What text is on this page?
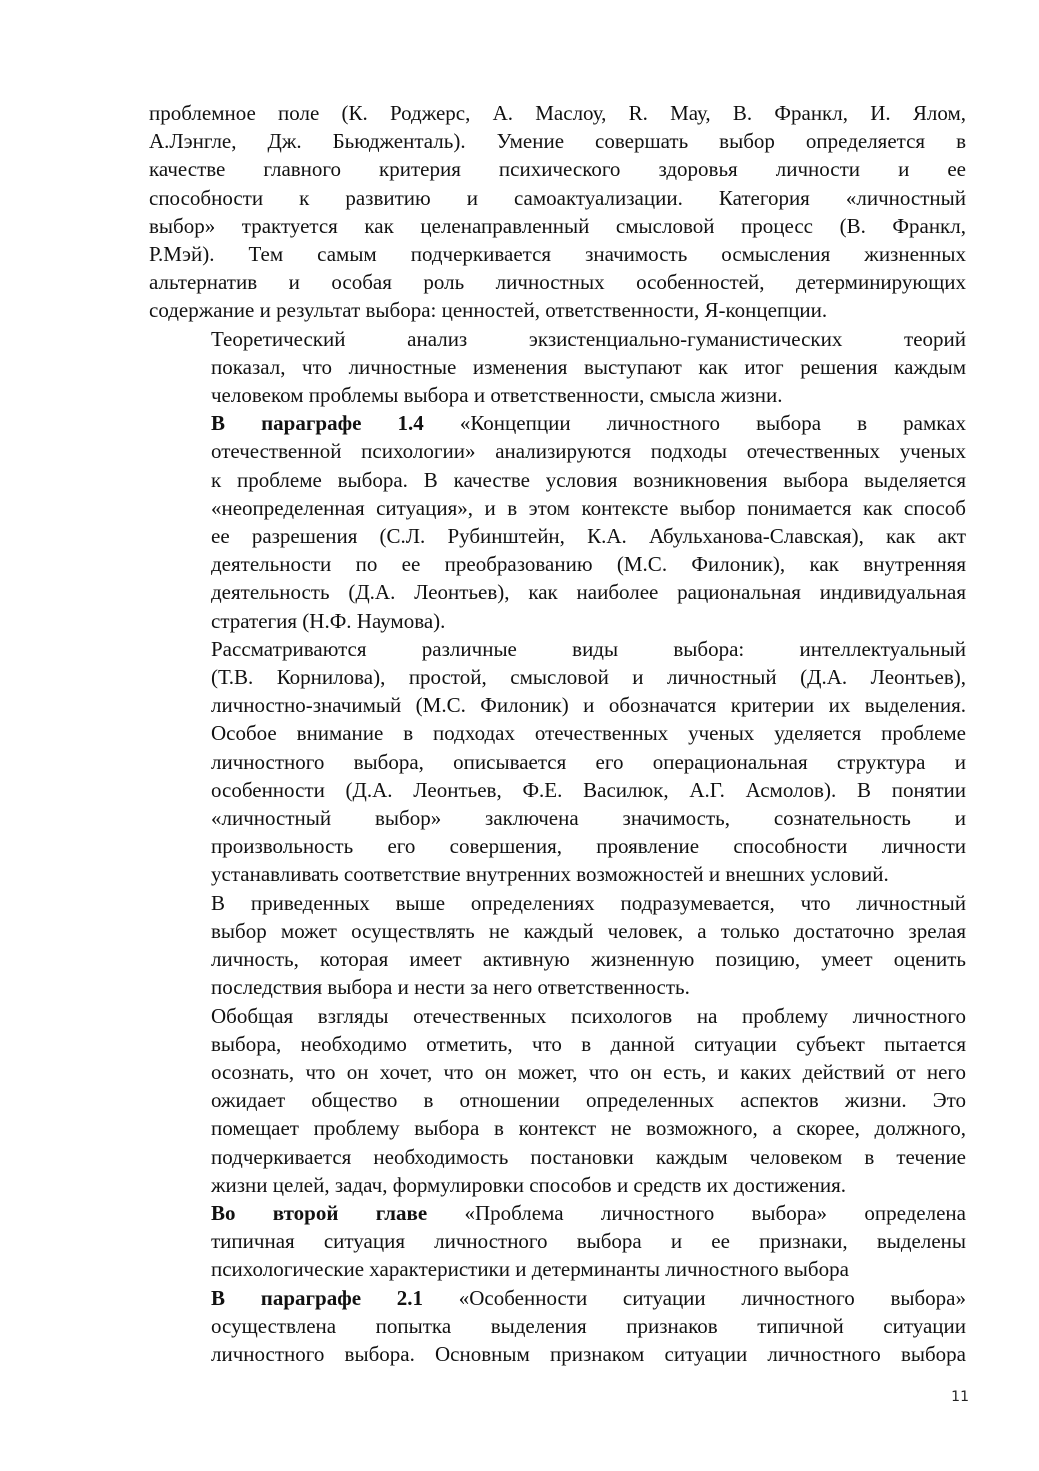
проблемное поле (К. Роджерс, А. Маслоу, R. Мау, В. Франкл, И. Ялом,
А.Лэнгле, Дж. Бьюдженталь). Умение совершать выбор определяется в
качестве главного критерия психического здоровья личности и ее
способности к развитию и самоактуализации. Категория «личностный
выбор» трактуется как целенаправленный смысловой процесс (В. Франкл,
Р.Мэй). Тем самым подчеркивается значимость осмысления жизненных
альтернатив и особая роль личностных особенностей, детерминирующих
содержание и результат выбора: ценностей, ответственности, Я-концепции.

Теоретический анализ экзистенциально-гуманистических теорий
показал, что личностные изменения выступают как итог решения каждым
человеком проблемы выбора и ответственности, смысла жизни.

В параграфе 1.4 «Концепции личностного выбора в рамках
отечественной психологии» анализируются подходы отечественных ученых
к проблеме выбора. В качестве условия возникновения выбора выделяется
«неопределенная ситуация», и в этом контексте выбор понимается как способ
ее разрешения (С.Л. Рубинштейн, К.А. Абульханова-Славская), как акт
деятельности по ее преобразованию (М.С. Филоник), как внутренняя
деятельность (Д.А. Леонтьев), как наиболее рациональная индивидуальная
стратегия (Н.Ф. Наумова).

Рассматриваются различные виды выбора: интеллектуальный
(Т.В. Корнилова), простой, смысловой и личностный (Д.А. Леонтьев),
личностно-значимый (М.С. Филоник) и обозначатся критерии их выделения.
Особое внимание в подходах отечественных ученых уделяется проблеме
личностного выбора, описывается его операциональная структура и
особенности (Д.А. Леонтьев, Ф.Е. Василюк, А.Г. Асмолов). В понятии
«личностный выбор» заключена значимость, сознательность и
произвольность его совершения, проявление способности личности
устанавливать соответствие внутренних возможностей и внешних условий.

В приведенных выше определениях подразумевается, что личностный
выбор может осуществлять не каждый человек, а только достаточно зрелая
личность, которая имеет активную жизненную позицию, умеет оценить
последствия выбора и нести за него ответственность.

Обобщая взгляды отечественных психологов на проблему личностного
выбора, необходимо отметить, что в данной ситуации субъект пытается
осознать, что он хочет, что он может, что он есть, и каких действий от него
ожидает общество в отношении определенных аспектов жизни. Это
помещает проблему выбора в контекст не возможного, а скорее, должного,
подчеркивается необходимость постановки каждым человеком в течение
жизни целей, задач, формулировки способов и средств их достижения.

Во второй главе «Проблема личностного выбора» определена
типичная ситуация личностного выбора и ее признаки, выделены
психологические характеристики и детерминанты личностного выбора

В параграфе 2.1 «Особенности ситуации личностного выбора»
осуществлена попытка выделения признаков типичной ситуации
личностного выбора. Основным признаком ситуации личностного выбора

11
